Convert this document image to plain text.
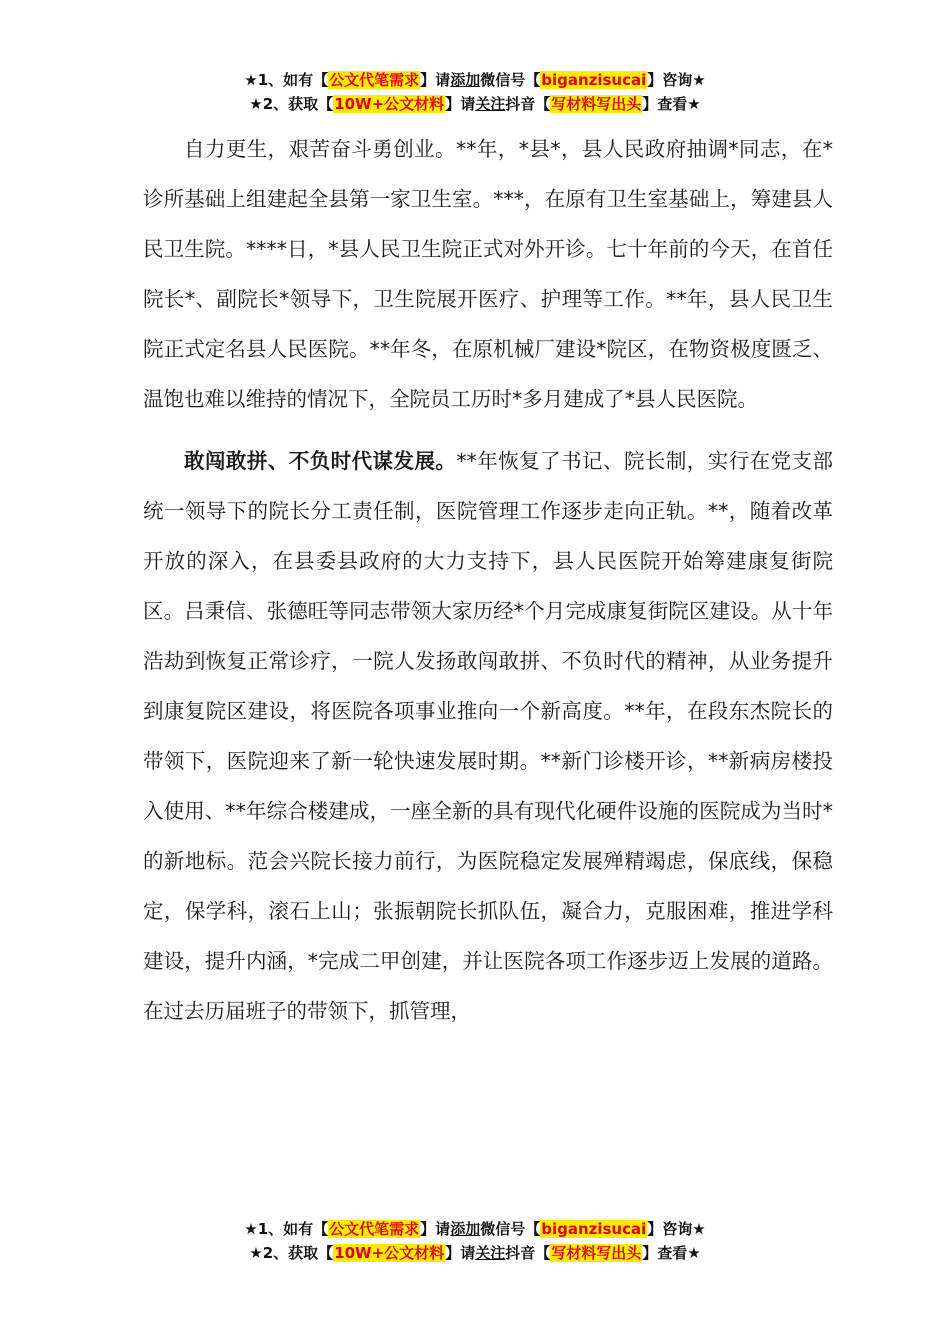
★1、如有【公文代笔需求】请添加微信号【biganzisucai】咨询★
★2、获取【10W+公文材料】请关注抖音【写材料写出头】查看★

自力更生，艰苦奋斗勇创业。**年，*县*，县人民政府抽调*同志，在*诊所基础上组建起全县第一家卫生室。***，在原有卫生室基础上，筹建县人民卫生院。****日，*县人民卫生院正式对外开诊。七十年前的今天，在首任院长*、副院长*领导下，卫生院展开医疗、护理等工作。**年，县人民卫生院正式定名县人民医院。**年冬，在原机械厂建设*院区，在物资极度匮乏、温饱也难以维持的情况下，全院员工历时*多月建成了*县人民医院。

敢闯敢拼、不负时代谋发展。**年恢复了书记、院长制，实行在党支部统一领导下的院长分工责任制，医院管理工作逐步走向正轨。**，随着改革开放的深入，在县委县政府的大力支持下，县人民医院开始筹建康复街院区。吕秉信、张德旺等同志带领大家历经*个月完成康复街院区建设。从十年浩劫到恢复正常诊疗，一院人发扬敢闯敢拼、不负时代的精神，从业务提升到康复院区建设，将医院各项事业推向一个新高度。**年，在段东杰院长的带领下，医院迎来了新一轮快速发展时期。**新门诊楼开诊，**新病房楼投入使用、**年综合楼建成，一座全新的具有现代化硬件设施的医院成为当时*的新地标。范会兴院长接力前行，为医院稳定发展殚精竭虑，保底线，保稳定，保学科，滚石上山；张振朝院长抓队伍，凝合力，克服困难，推进学科建设，提升内涵，*完成二甲创建，并让医院各项工作逐步迈上发展的道路。在过去历届班子的带领下，抓管理，

★1、如有【公文代笔需求】请添加微信号【biganzisucai】咨询★
★2、获取【10W+公文材料】请关注抖音【写材料写出头】查看★
